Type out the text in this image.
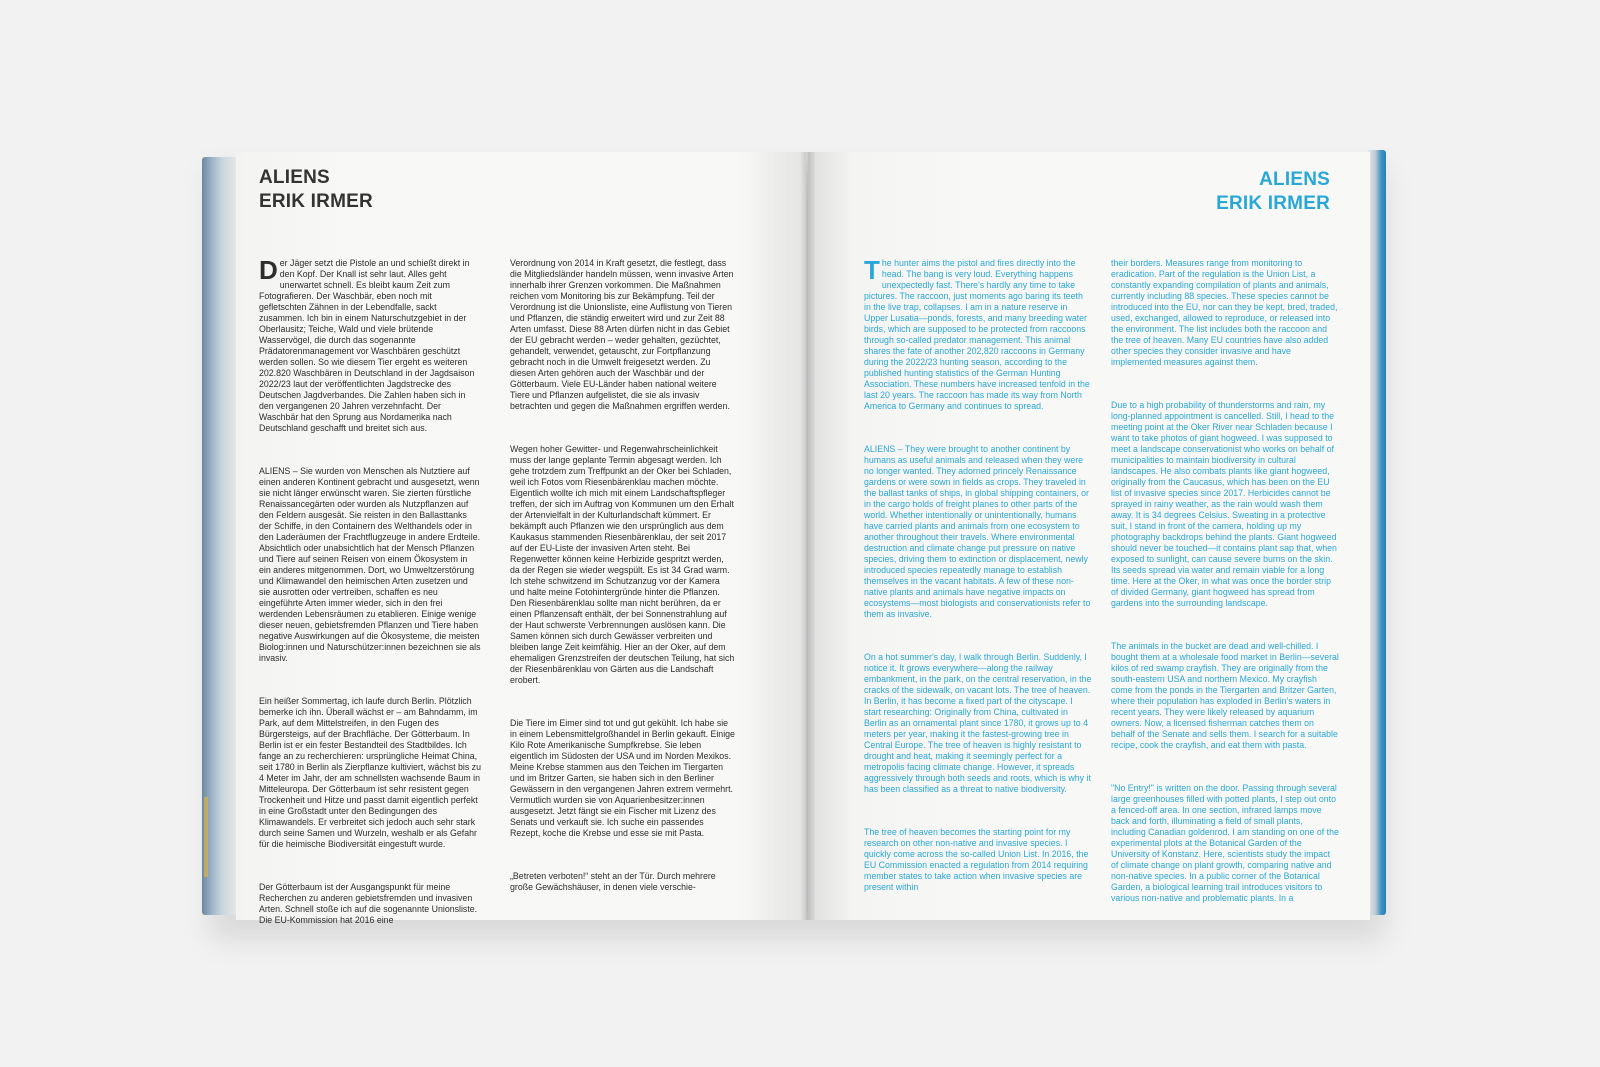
ALIENS
ERIK IRMER

Der Jäger setzt die Pistole an und schießt direkt in den Kopf. Der Knall ist sehr laut. Alles geht unerwartet schnell. Es bleibt kaum Zeit zum Fotografieren. Der Waschbär, eben noch mit gefletschten Zähnen in der Lebendfalle, sackt zusammen. Ich bin in einem Naturschutzgebiet in der Oberlausitz; Teiche, Wald und viele brütende Wasservögel, die durch das sogenannte Prädatorenmanagement vor Waschbären geschützt werden sollen. So wie diesem Tier ergeht es weiteren 202.820 Waschbären in Deutschland in der Jagdsaison 2022/23 laut der veröffentlichten Jagdstrecke des Deutschen Jagdverbandes. Die Zahlen haben sich in den vergangenen 20 Jahren verzehnfacht. Der Waschbär hat den Sprung aus Nordamerika nach Deutschland geschafft und breitet sich aus.

ALIENS – Sie wurden von Menschen als Nutztiere auf einen anderen Kontinent gebracht und ausgesetzt, wenn sie nicht länger erwünscht waren. Sie zierten fürstliche Renaissancegärten oder wurden als Nutzpflanzen auf den Feldern ausgesät. Sie reisten in den Ballasttanks der Schiffe, in den Containern des Welthandels oder in den Laderäumen der Frachtflugzeuge in andere Erdteile. Absichtlich oder unabsichtlich hat der Mensch Pflanzen und Tiere auf seinen Reisen von einem Ökosystem in ein anderes mitgenommen. Dort, wo Umweltzerstörung und Klimawandel den heimischen Arten zusetzen und sie ausrotten oder vertreiben, schaffen es neu eingeführte Arten immer wieder, sich in den frei werdenden Lebensräumen zu etablieren. Einige wenige dieser neuen, gebietsfremden Pflanzen und Tiere haben negative Auswirkungen auf die Ökosysteme, die meisten Biolog:innen und Naturschützer:innen bezeichnen sie als invasiv.

Ein heißer Sommertag, ich laufe durch Berlin. Plötzlich bemerke ich ihn. Überall wächst er – am Bahndamm, im Park, auf dem Mittelstreifen, in den Fugen des Bürgersteigs, auf der Brachfläche. Der Götterbaum. In Berlin ist er ein fester Bestandteil des Stadtbildes. Ich fange an zu recherchieren: ursprüngliche Heimat China, seit 1780 in Berlin als Zierpflanze kultiviert, wächst bis zu 4 Meter im Jahr, der am schnellsten wachsende Baum in Mitteleuropa. Der Götterbaum ist sehr resistent gegen Trockenheit und Hitze und passt damit eigentlich perfekt in eine Großstadt unter den Bedingungen des Klimawandels. Er verbreitet sich jedoch auch sehr stark durch seine Samen und Wurzeln, weshalb er als Gefahr für die heimische Biodiversität eingestuft wurde.

Der Götterbaum ist der Ausgangspunkt für meine Recherchen zu anderen gebietsfremden und invasiven Arten. Schnell stoße ich auf die sogenannte Unionsliste. Die EU-Kommission hat 2016 eine

Verordnung von 2014 in Kraft gesetzt, die festlegt, dass die Mitgliedsländer handeln müssen, wenn invasive Arten innerhalb ihrer Grenzen vorkommen. Die Maßnahmen reichen vom Monitoring bis zur Bekämpfung. Teil der Verordnung ist die Unionsliste, eine Auflistung von Tieren und Pflanzen, die ständig erweitert wird und zur Zeit 88 Arten umfasst. Diese 88 Arten dürfen nicht in das Gebiet der EU gebracht werden – weder gehalten, gezüchtet, gehandelt, verwendet, getauscht, zur Fortpflanzung gebracht noch in die Umwelt freigesetzt werden. Zu diesen Arten gehören auch der Waschbär und der Götterbaum. Viele EU-Länder haben national weitere Tiere und Pflanzen aufgelistet, die sie als invasiv betrachten und gegen die Maßnahmen ergriffen werden.

Wegen hoher Gewitter- und Regenwahrscheinlichkeit muss der lange geplante Termin abgesagt werden. Ich gehe trotzdem zum Treffpunkt an der Oker bei Schladen, weil ich Fotos vom Riesenbärenklau machen möchte. Eigentlich wollte ich mich mit einem Landschaftspfleger treffen, der sich im Auftrag von Kommunen um den Erhalt der Artenvielfalt in der Kulturlandschaft kümmert. Er bekämpft auch Pflanzen wie den ursprünglich aus dem Kaukasus stammenden Riesenbärenklau, der seit 2017 auf der EU-Liste der invasiven Arten steht. Bei Regenwetter können keine Herbizide gespritzt werden, da der Regen sie wieder wegspült. Es ist 34 Grad warm. Ich stehe schwitzend im Schutzanzug vor der Kamera und halte meine Fotohintergründe hinter die Pflanzen. Den Riesenbärenklau sollte man nicht berühren, da er einen Pflanzensaft enthält, der bei Sonnenstrahlung auf der Haut schwerste Verbrennungen auslösen kann. Die Samen können sich durch Gewässer verbreiten und bleiben lange Zeit keimfähig. Hier an der Oker, auf dem ehemaligen Grenzstreifen der deutschen Teilung, hat sich der Riesenbärenklau von Gärten aus die Landschaft erobert.

Die Tiere im Eimer sind tot und gut gekühlt. Ich habe sie in einem Lebensmittelgroßhandel in Berlin gekauft. Einige Kilo Rote Amerikanische Sumpfkrebse. Sie leben eigentlich im Südosten der USA und im Norden Mexikos. Meine Krebse stammen aus den Teichen im Tiergarten und im Britzer Garten, sie haben sich in den Berliner Gewässern in den vergangenen Jahren extrem vermehrt. Vermutlich wurden sie von Aquarienbesitzer:innen ausgesetzt. Jetzt fängt sie ein Fischer mit Lizenz des Senats und verkauft sie. Ich suche ein passendes Rezept, koche die Krebse und esse sie mit Pasta.

„Betreten verboten!“ steht an der Tür. Durch mehrere große Gewächshäuser, in denen viele verschie-

ALIENS
ERIK IRMER

The hunter aims the pistol and fires directly into the head. The bang is very loud. Everything happens unexpectedly fast. There's hardly any time to take pictures. The raccoon, just moments ago baring its teeth in the live trap, collapses. I am in a nature reserve in Upper Lusatia—ponds, forests, and many breeding water birds, which are supposed to be protected from raccoons through so-called predator management. This animal shares the fate of another 202,820 raccoons in Germany during the 2022/23 hunting season, according to the published hunting statistics of the German Hunting Association. These numbers have increased tenfold in the last 20 years. The raccoon has made its way from North America to Germany and continues to spread.

ALIENS – They were brought to another continent by humans as useful animals and released when they were no longer wanted. They adorned princely Renaissance gardens or were sown in fields as crops. They traveled in the ballast tanks of ships, in global shipping containers, or in the cargo holds of freight planes to other parts of the world. Whether intentionally or unintentionally, humans have carried plants and animals from one ecosystem to another throughout their travels. Where environmental destruction and climate change put pressure on native species, driving them to extinction or displacement, newly introduced species repeatedly manage to establish themselves in the vacant habitats. A few of these non-native plants and animals have negative impacts on ecosystems—most biologists and conservationists refer to them as invasive.

On a hot summer's day, I walk through Berlin. Suddenly, I notice it. It grows everywhere—along the railway embankment, in the park, on the central reservation, in the cracks of the sidewalk, on vacant lots. The tree of heaven. In Berlin, it has become a fixed part of the cityscape. I start researching: Originally from China, cultivated in Berlin as an ornamental plant since 1780, it grows up to 4 meters per year, making it the fastest-growing tree in Central Europe. The tree of heaven is highly resistant to drought and heat, making it seemingly perfect for a metropolis facing climate change. However, it spreads aggressively through both seeds and roots, which is why it has been classified as a threat to native biodiversity.

The tree of heaven becomes the starting point for my research on other non-native and invasive species. I quickly come across the so-called Union List. In 2016, the EU Commission enacted a regulation from 2014 requiring member states to take action when invasive species are present within

their borders. Measures range from monitoring to eradication. Part of the regulation is the Union List, a constantly expanding compilation of plants and animals, currently including 88 species. These species cannot be introduced into the EU, nor can they be kept, bred, traded, used, exchanged, allowed to reproduce, or released into the environment. The list includes both the raccoon and the tree of heaven. Many EU countries have also added other species they consider invasive and have implemented measures against them.

Due to a high probability of thunderstorms and rain, my long-planned appointment is cancelled. Still, I head to the meeting point at the Oker River near Schladen because I want to take photos of giant hogweed. I was supposed to meet a landscape conservationist who works on behalf of municipalities to maintain biodiversity in cultural landscapes. He also combats plants like giant hogweed, originally from the Caucasus, which has been on the EU list of invasive species since 2017. Herbicides cannot be sprayed in rainy weather, as the rain would wash them away. It is 34 degrees Celsius. Sweating in a protective suit, I stand in front of the camera, holding up my photography backdrops behind the plants. Giant hogweed should never be touched—it contains plant sap that, when exposed to sunlight, can cause severe burns on the skin. Its seeds spread via water and remain viable for a long time. Here at the Oker, in what was once the border strip of divided Germany, giant hogweed has spread from gardens into the surrounding landscape.

The animals in the bucket are dead and well-chilled. I bought them at a wholesale food market in Berlin—several kilos of red swamp crayfish. They are originally from the south-eastern USA and northern Mexico. My crayfish come from the ponds in the Tiergarten and Britzer Garten, where their population has exploded in Berlin's waters in recent years. They were likely released by aquarium owners. Now, a licensed fisherman catches them on behalf of the Senate and sells them. I search for a suitable recipe, cook the crayfish, and eat them with pasta.

"No Entry!" is written on the door. Passing through several large greenhouses filled with potted plants, I step out onto a fenced-off area. In one section, infrared lamps move back and forth, illuminating a field of small plants, including Canadian goldenrod. I am standing on one of the experimental plots at the Botanical Garden of the University of Konstanz. Here, scientists study the impact of climate change on plant growth, comparing native and non-native species. In a public corner of the Botanical Garden, a biological learning trail introduces visitors to various non-native and problematic plants. In a
